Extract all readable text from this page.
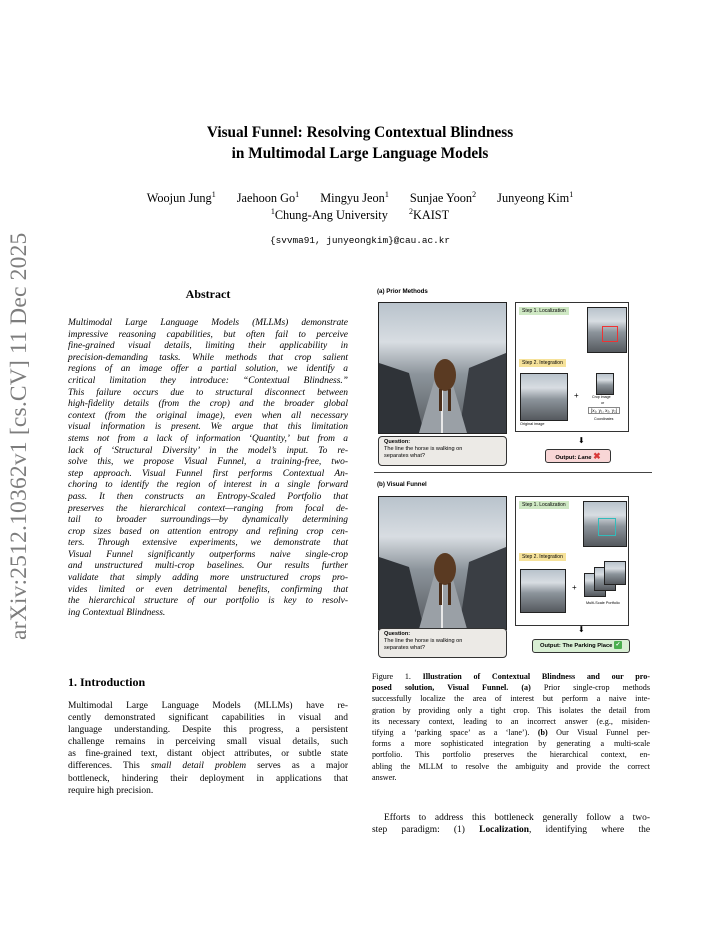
arXiv:2512.10362v1 [cs.CV] 11 Dec 2025
Visual Funnel: Resolving Contextual Blindness
in Multimodal Large Language Models
Woojun Jung$^1$ Jaehoon Go$^1$ Mingyu Jeon$^1$ Sunjae Yoon$^2$ Junyeong Kim$^1$
$^1$Chung-Ang University	$^2$KAIST
{svvma91, junyeongkim}@cau.ac.kr
Abstract
Multimodal Large Language Models (MLLMs) demonstrate
impressive reasoning capabilities, but often fail to perceive
fine-grained visual details, limiting their applicability in
precision-demanding tasks. While methods that crop salient
regions of an image offer a partial solution, we identify a
critical limitation they introduce: “Contextual Blindness.”
This failure occurs due to structural disconnect between
high-fidelity details (from the crop) and the broader global
context (from the original image), even when all necessary
visual information is present. We argue that this limitation
stems not from a lack of information ‘Quantity,’ but from a
lack of ‘Structural Diversity’ in the model’s input. To re-
solve this, we propose Visual Funnel, a training-free, two-
step approach. Visual Funnel first performs Contextual An-
choring to identify the region of interest in a single forward
pass. It then constructs an Entropy-Scaled Portfolio that
preserves the hierarchical context—ranging from focal de-
tail to broader surroundings—by dynamically determining
crop sizes based on attention entropy and refining crop cen-
ters. Through extensive experiments, we demonstrate that
Visual Funnel significantly outperforms naive single-crop
and unstructured multi-crop baselines. Our results further
validate that simply adding more unstructured crops pro-
vides limited or even detrimental benefits, confirming that
the hierarchical structure of our portfolio is key to resolv-
ing Contextual Blindness.
1. Introduction
Multimodal Large Language Models (MLLMs) have re-
cently demonstrated significant capabilities in visual and
language understanding. Despite this progress, a persistent
challenge remains in perceiving small visual details, such
as fine-grained text, distant object attributes, or subtle state
differences. This small detail problem serves as a major
bottleneck, hindering their deployment in applications that
require high precision.
(a) Prior Methods
Step 1. Localization
Step 2. Integration
Original image
+	Crop image
or
[x₁, y₁, x₂, y₂]
Coordinates
Question:
The line the horse is walking on
separates what?
⬇
Output: Lane ✖
(b) Visual Funnel
Step 1. Localization
Step 2. Integration
+
Multi-Scale Portfolio
Question:
The line the horse is walking on
separates what?
⬇
Output: The Parking Place ✓
Figure 1. Illustration of Contextual Blindness and our pro-
posed solution, Visual Funnel. (a) Prior single-crop methods
successfully localize the area of interest but perform a naive inte-
gration by providing only a tight crop. This isolates the detail from
its necessary context, leading to an incorrect answer (e.g., misiden-
tifying a ‘parking space’ as a ‘lane’). (b) Our Visual Funnel per-
forms a more sophisticated integration by generating a multi-scale
portfolio. This portfolio preserves the hierarchical context, en-
abling the MLLM to resolve the ambiguity and provide the correct
answer.
Efforts to address this bottleneck generally follow a two-
step paradigm: (1) Localization, identifying where the
